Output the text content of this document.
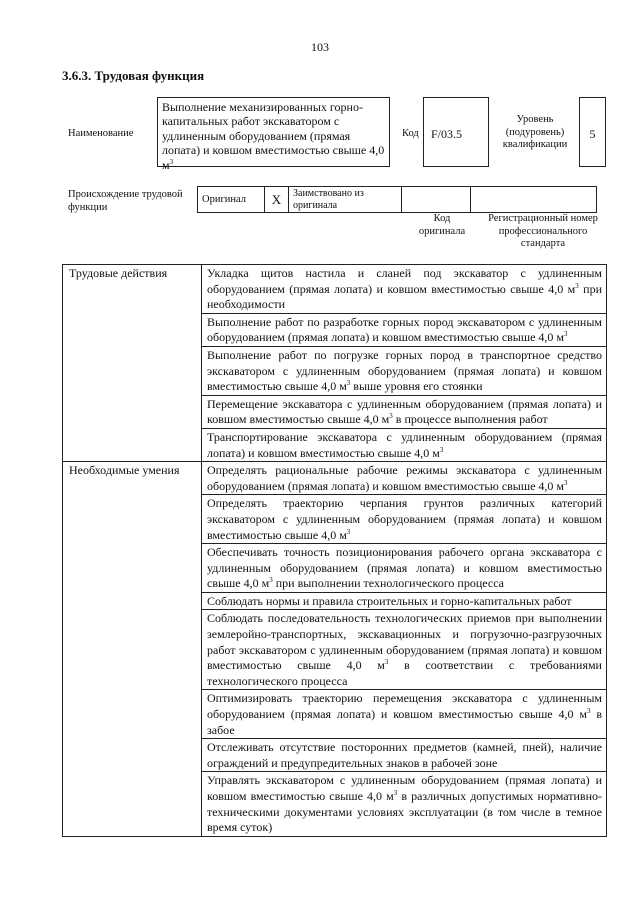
103
3.6.3. Трудовая функция
Наименование
Выполнение механизированных горно-капитальных работ экскаватором с удлиненным оборудованием (прямая лопата) и ковшом вместимостью свыше 4,0 $м^3$
Код	F/03.5
Уровень (подуровень) квалификации
5
Происхождение трудовой функции
Оригинал	X	Заимствовано из оригинала		
Код оригинала
Регистрационный номер профессионального стандарта
Трудовые действия	Укладка щитов настила и сланей под экскаватор с удлиненным оборудованием (прямая лопата) и ковшом вместимостью свыше 4,0 $м^3$ при необходимости
	Выполнение работ по разработке горных пород экскаватором с удлиненным оборудованием (прямая лопата) и ковшом вместимостью свыше 4,0 $м^3$
	Выполнение работ по погрузке горных пород в транспортное средство экскаватором с удлиненным оборудованием (прямая лопата) и ковшом вместимостью свыше 4,0 $м^3$ выше уровня его стоянки
	Перемещение экскаватора с удлиненным оборудованием (прямая лопата) и ковшом вместимостью свыше 4,0 $м^3$ в процессе выполнения работ
	Транспортирование экскаватора с удлиненным оборудованием (прямая лопата) и ковшом вместимостью свыше 4,0 $м^3$
Необходимые умения	Определять рациональные рабочие режимы экскаватора с удлиненным оборудованием (прямая лопата) и ковшом вместимостью свыше 4,0 $м^3$
	Определять траекторию черпания грунтов различных категорий экскаватором с удлиненным оборудованием (прямая лопата) и ковшом вместимостью свыше 4,0 $м^3$
	Обеспечивать точность позиционирования рабочего органа экскаватора с удлиненным оборудованием (прямая лопата) и ковшом вместимостью свыше 4,0 $м^3$ при выполнении технологического процесса
	Соблюдать нормы и правила строительных и горно-капитальных работ
	Соблюдать последовательность технологических приемов при выполнении землеройно-транспортных, экскавационных и погрузочно-разгрузочных работ экскаватором с удлиненным оборудованием (прямая лопата) и ковшом вместимостью свыше 4,0 $м^3$ в соответствии с требованиями технологического процесса
	Оптимизировать траекторию перемещения экскаватора с удлиненным оборудованием (прямая лопата) и ковшом вместимостью свыше 4,0 $м^3$ в забое
	Отслеживать отсутствие посторонних предметов (камней, пней), наличие ограждений и предупредительных знаков в рабочей зоне
	Управлять экскаватором с удлиненным оборудованием (прямая лопата) и ковшом вместимостью свыше 4,0 $м^3$ в различных допустимых нормативно-техническими документами условиях эксплуатации (в том числе в темное время суток)
